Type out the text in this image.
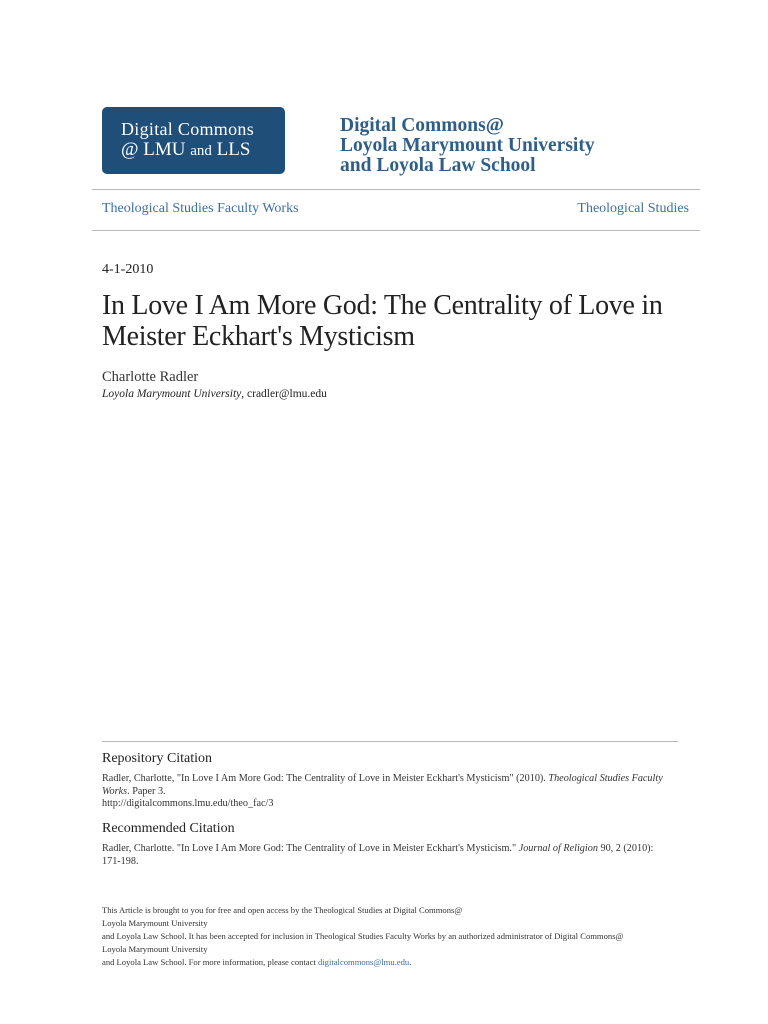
Digital Commons
@ LMU and LLS
Digital Commons@
Loyola Marymount University
and Loyola Law School
Theological Studies Faculty Works	Theological Studies
4-1-2010
In Love I Am More God: The Centrality of Love in
Meister Eckhart's Mysticism
Charlotte Radler
Loyola Marymount University, cradler@lmu.edu
Repository Citation
Radler, Charlotte, "In Love I Am More God: The Centrality of Love in Meister Eckhart's Mysticism" (2010). Theological Studies Faculty
Works. Paper 3.
http://digitalcommons.lmu.edu/theo_fac/3
Recommended Citation
Radler, Charlotte. "In Love I Am More God: The Centrality of Love in Meister Eckhart's Mysticism." Journal of Religion 90, 2 (2010):
171-198.
This Article is brought to you for free and open access by the Theological Studies at Digital Commons@
Loyola Marymount University
and Loyola Law School. It has been accepted for inclusion in Theological Studies Faculty Works by an authorized administrator of Digital Commons@
Loyola Marymount University
and Loyola Law School. For more information, please contact digitalcommons@lmu.edu.
